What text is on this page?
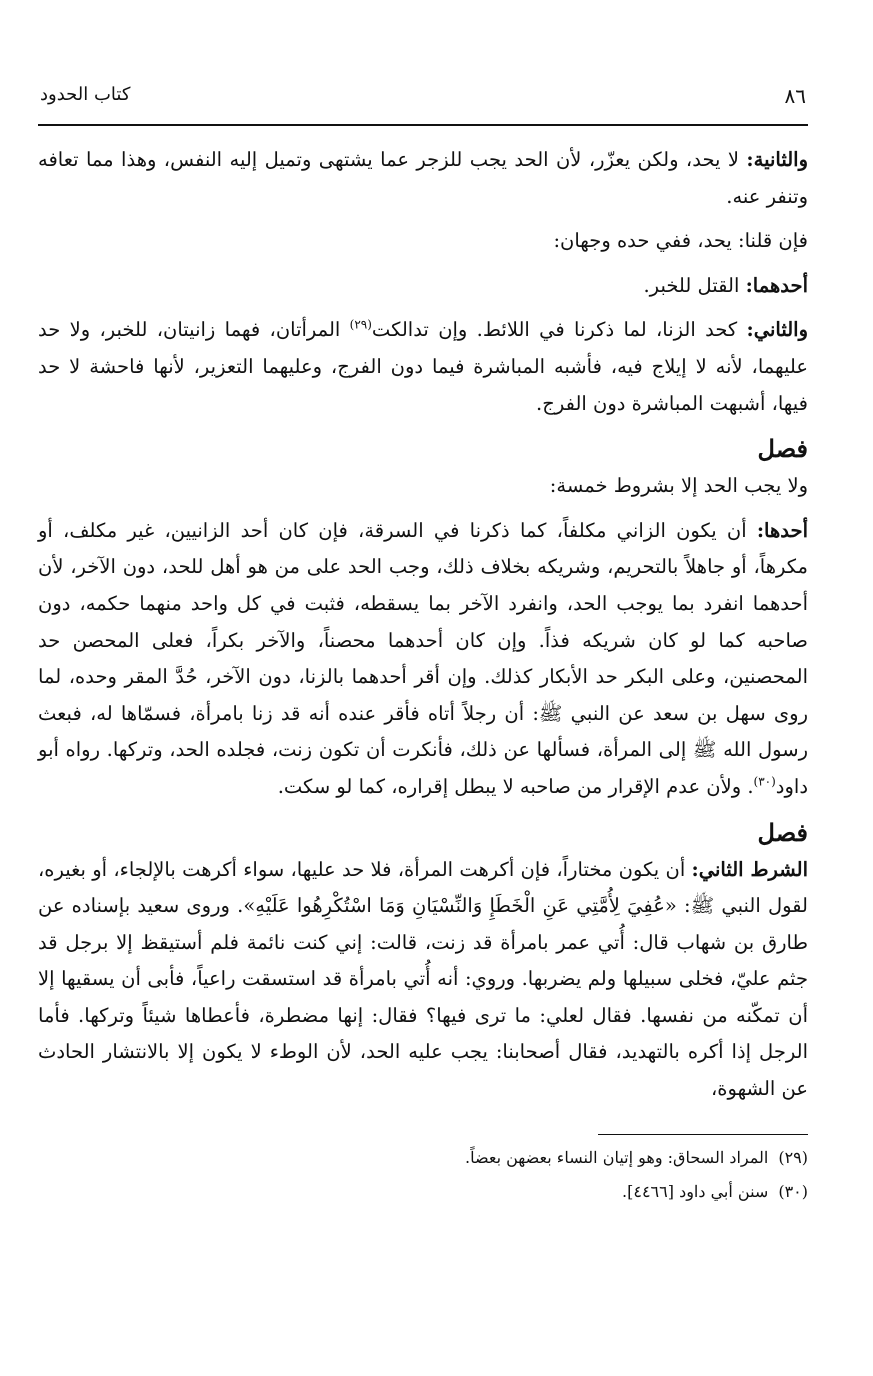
كتاب الحدود	٨٦

والثانية: لا يحد، ولكن يعزّر، لأن الحد يجب للزجر عما يشتهى وتميل إليه النفس، وهذا مما تعافه وتنفر عنه.

فإن قلنا: يحد، ففي حده وجهان:

أحدهما: القتل للخبر.

والثاني: كحد الزنا، لما ذكرنا في اللائط. وإن تدالكت$^{(٢٩)}$ المرأتان، فهما زانيتان، للخبر، ولا حد عليهما، لأنه لا إيلاج فيه، فأشبه المباشرة فيما دون الفرج، وعليهما التعزير، لأنها فاحشة لا حد فيها، أشبهت المباشرة دون الفرج.

فصل

ولا يجب الحد إلا بشروط خمسة:

أحدها: أن يكون الزاني مكلفاً، كما ذكرنا في السرقة، فإن كان أحد الزانيين، غير مكلف، أو مكرهاً، أو جاهلاً بالتحريم، وشريكه بخلاف ذلك، وجب الحد على من هو أهل للحد، دون الآخر، لأن أحدهما انفرد بما يوجب الحد، وانفرد الآخر بما يسقطه، فثبت في كل واحد منهما حكمه، دون صاحبه كما لو كان شريكه فذاً. وإن كان أحدهما محصناً، والآخر بكراً، فعلى المحصن حد المحصنين، وعلى البكر حد الأبكار كذلك. وإن أقر أحدهما بالزنا، دون الآخر، حُدَّ المقر وحده، لما روى سهل بن سعد عن النبي ﷺ: أن رجلاً أتاه فأقر عنده أنه قد زنا بامرأة، فسمّاها له، فبعث رسول الله ﷺ إلى المرأة، فسألها عن ذلك، فأنكرت أن تكون زنت، فجلده الحد، وتركها. رواه أبو داود$^{(٣٠)}$. ولأن عدم الإقرار من صاحبه لا يبطل إقراره، كما لو سكت.

فصل

الشرط الثاني: أن يكون مختاراً، فإن أكرهت المرأة، فلا حد عليها، سواء أكرهت بالإلجاء، أو بغيره، لقول النبي ﷺ: «عُفِيَ لِأُمَّتِي عَنِ الْخَطَإِ وَالنِّسْيَانِ وَمَا اسْتُكْرِهُوا عَلَيْهِ». وروى سعيد بإسناده عن طارق بن شهاب قال: أُتي عمر بامرأة قد زنت، قالت: إني كنت نائمة فلم أستيقظ إلا برجل قد جثم عليّ، فخلى سبيلها ولم يضربها. وروي: أنه أُتي بامرأة قد استسقت راعياً، فأبى أن يسقيها إلا أن تمكّنه من نفسها. فقال لعلي: ما ترى فيها؟ فقال: إنها مضطرة، فأعطاها شيئاً وتركها. فأما الرجل إذا أكره بالتهديد، فقال أصحابنا: يجب عليه الحد، لأن الوطء لا يكون إلا بالانتشار الحادث عن الشهوة،

(٢٩)المراد السحاق: وهو إتيان النساء بعضهن بعضاً.
(٣٠)سنن أبي داود [٤٤٦٦].
